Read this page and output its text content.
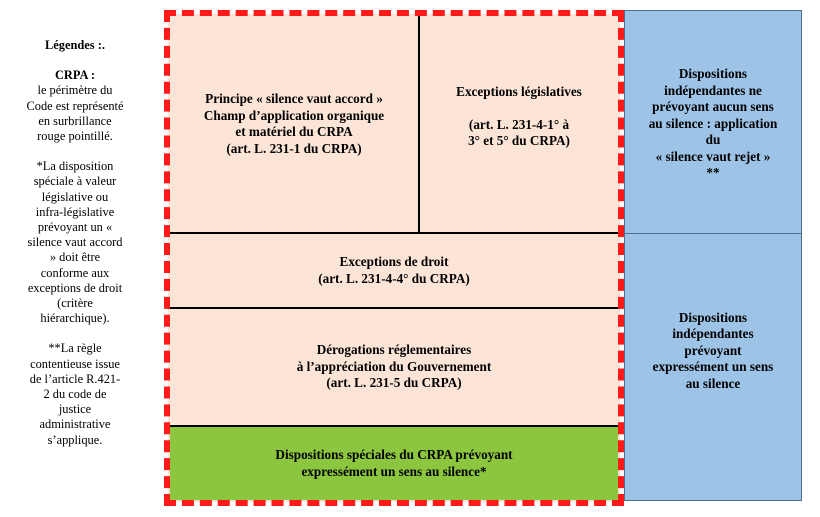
Légendes :.
CRPA :
le périmètre du
Code est représenté
en surbrillance
rouge pointillé.
*La disposition
spéciale à valeur
législative ou
infra-législative
prévoyant un «
silence vaut accord
» doit être
conforme aux
exceptions de droit
(critère
hiérarchique).
**La règle
contentieuse issue
de l’article R.421-
2 du code de
justice
administrative
s’applique.
Principe « silence vaut accord »
Champ d’application organique
et matériel du CRPA
(art. L. 231-1 du CRPA)
Exceptions législatives
(art. L. 231-4-1° à
3° et 5° du CRPA)
Exceptions de droit
(art. L. 231-4-4° du CRPA)
Dérogations réglementaires
à l’appréciation du Gouvernement
(art. L. 231-5 du CRPA)
Dispositions spéciales du CRPA prévoyant
expressément un sens au silence*
Dispositions
indépendantes ne
prévoyant aucun sens
au silence : application
du
« silence vaut rejet »
**
Dispositions
indépendantes
prévoyant
expressément un sens
au silence
